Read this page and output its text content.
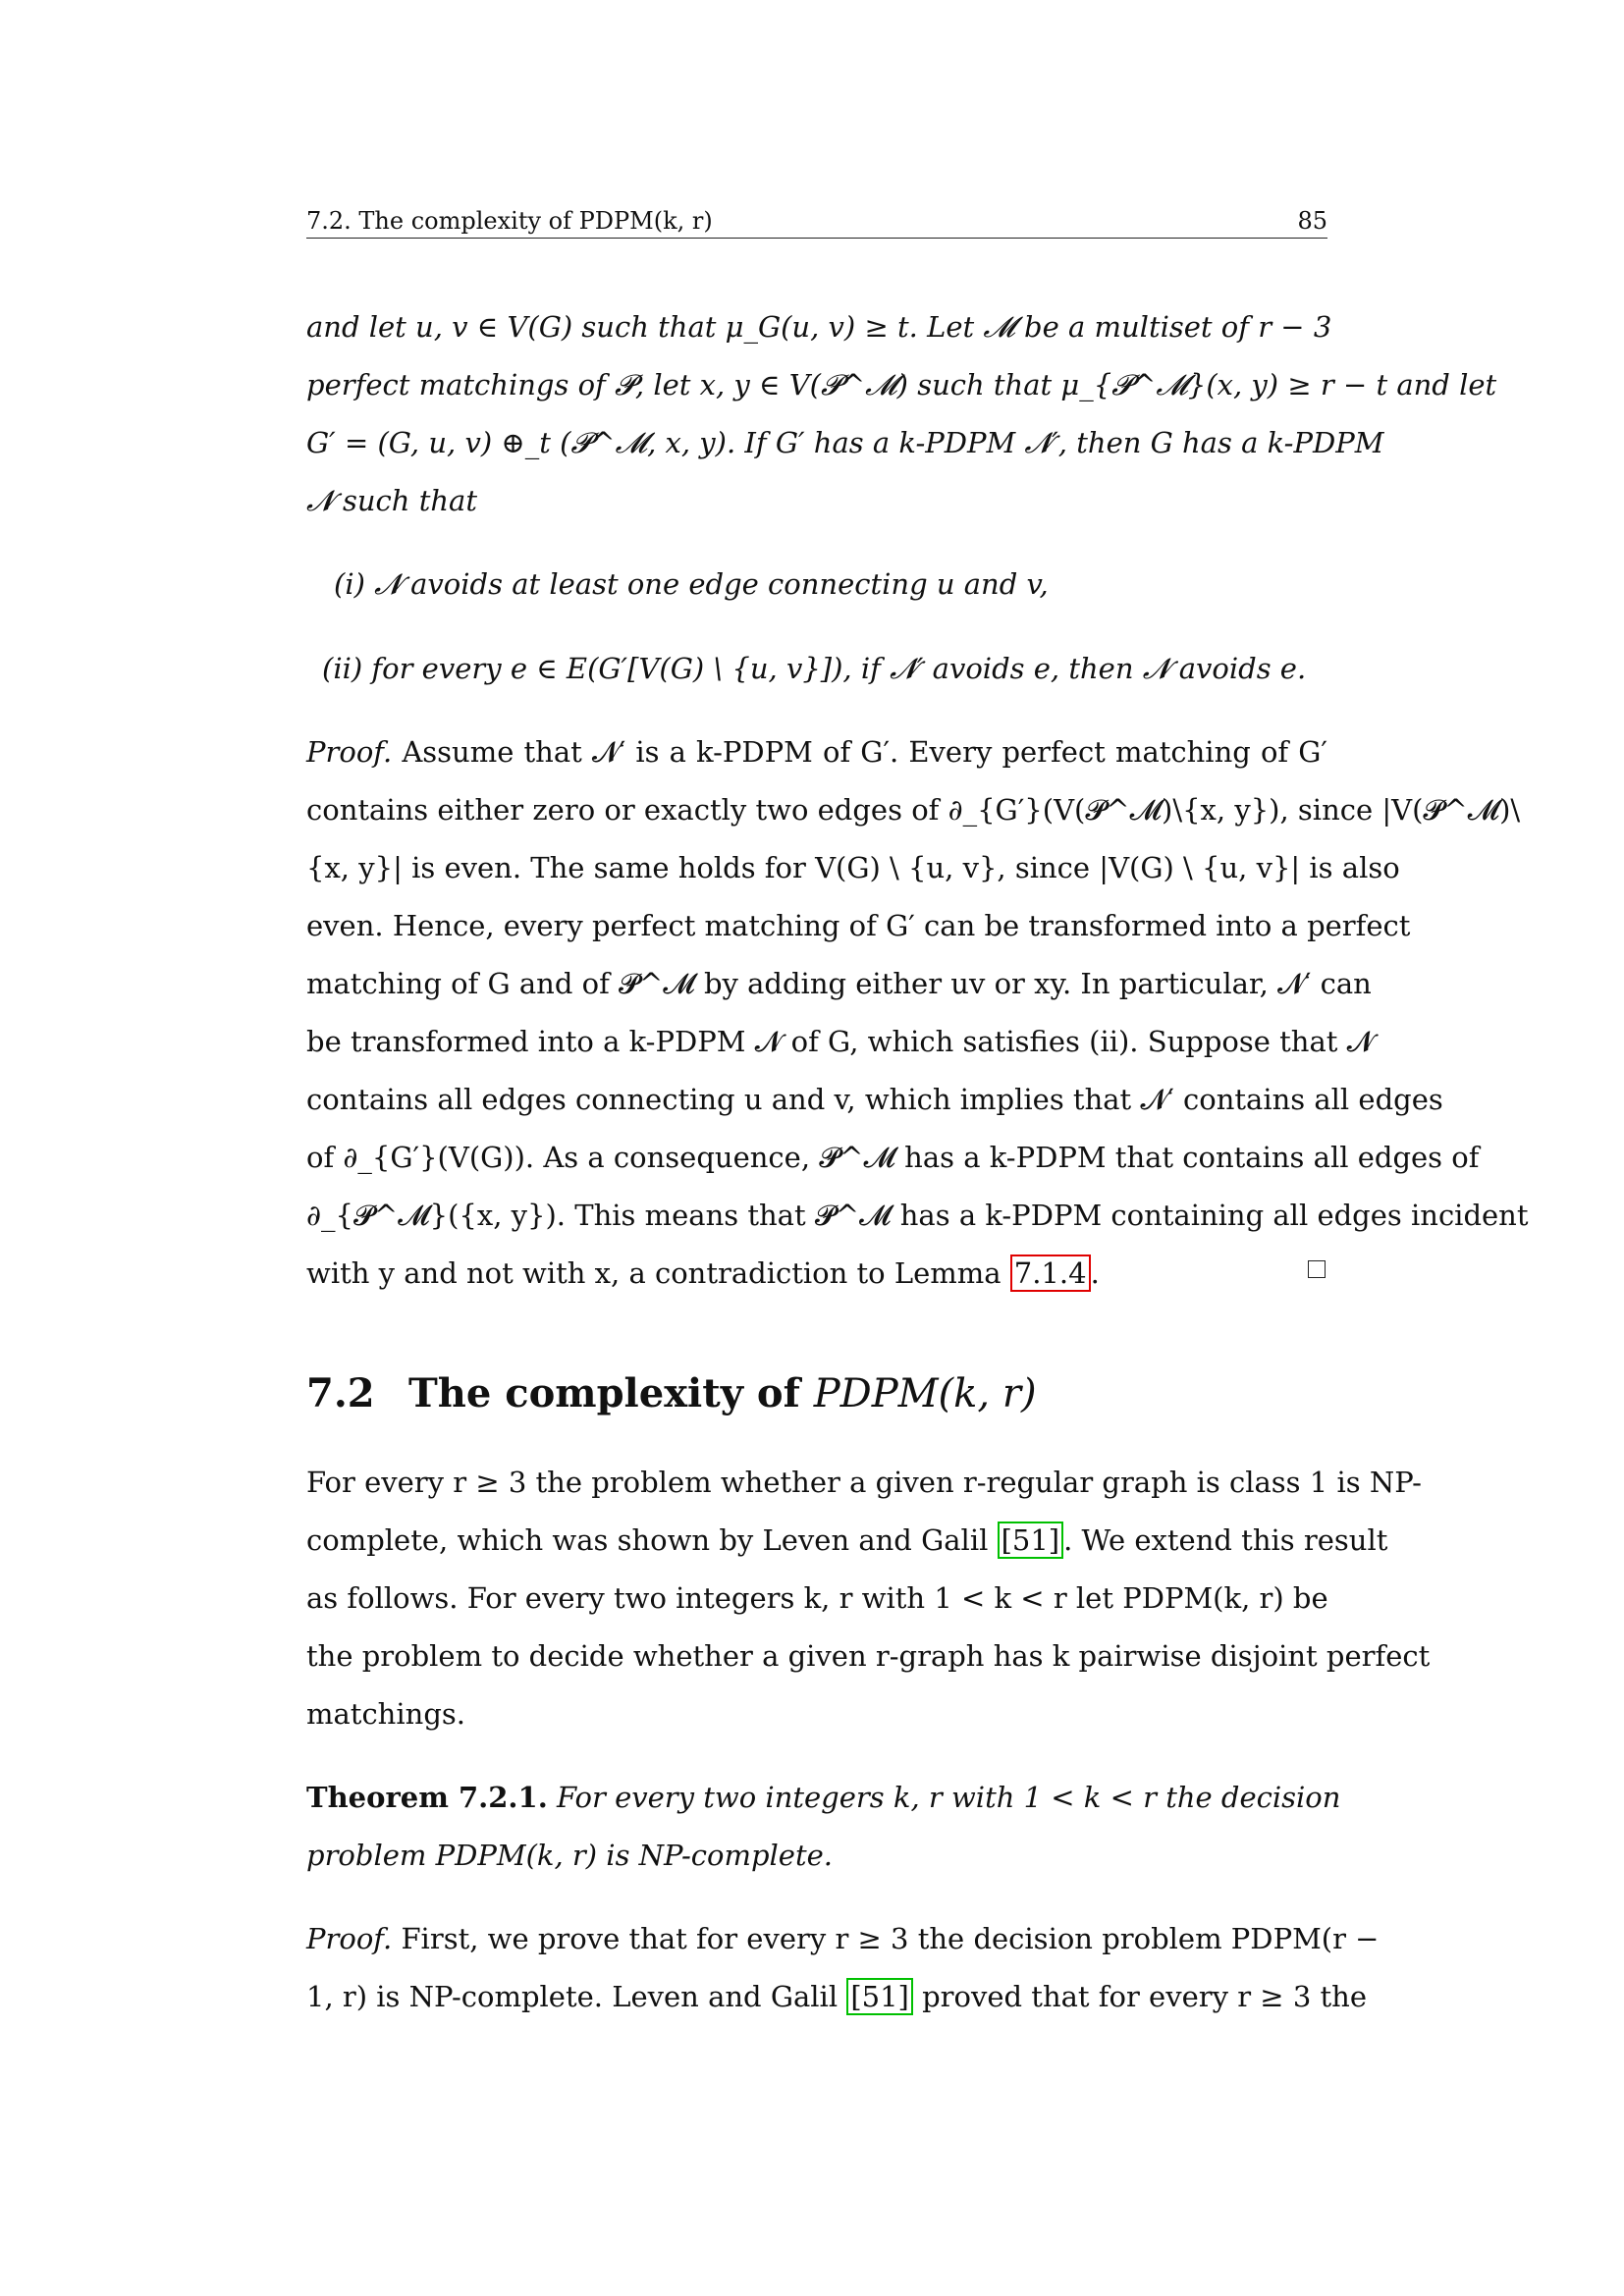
7.2. The complexity of PDPM(k, r)	85
and let u, v ∈ V(G) such that μ_G(u, v) ≥ t. Let 𝓜 be a multiset of r − 3
perfect matchings of 𝓟, let x, y ∈ V(𝓟^𝓜) such that μ_{𝓟^𝓜}(x, y) ≥ r − t and let
G′ = (G, u, v) ⊕_t (𝓟^𝓜, x, y). If G′ has a k-PDPM 𝓝′, then G has a k-PDPM
𝓝 such that
(i) 𝓝 avoids at least one edge connecting u and v,
(ii) for every e ∈ E(G′[V(G) \ {u, v}]), if 𝓝′ avoids e, then 𝓝 avoids e.
Proof. Assume that 𝓝′ is a k-PDPM of G′. Every perfect matching of G′
contains either zero or exactly two edges of ∂_{G′}(V(𝓟^𝓜)\{x, y}), since |V(𝓟^𝓜)\
{x, y}| is even. The same holds for V(G) \ {u, v}, since |V(G) \ {u, v}| is also
even. Hence, every perfect matching of G′ can be transformed into a perfect
matching of G and of 𝓟^𝓜 by adding either uv or xy. In particular, 𝓝′ can
be transformed into a k-PDPM 𝓝 of G, which satisfies (ii). Suppose that 𝓝
contains all edges connecting u and v, which implies that 𝓝′ contains all edges
of ∂_{G′}(V(G)). As a consequence, 𝓟^𝓜 has a k-PDPM that contains all edges of
∂_{𝓟^𝓜}({x, y}). This means that 𝓟^𝓜 has a k-PDPM containing all edges incident
with y and not with x, a contradiction to Lemma 7.1.4 .
7.2 The complexity of PDPM(k, r)
For every r ≥ 3 the problem whether a given r-regular graph is class 1 is NP-
complete, which was shown by Leven and Galil [51] . We extend this result
as follows. For every two integers k, r with 1 < k < r let PDPM(k, r) be
the problem to decide whether a given r-graph has k pairwise disjoint perfect
matchings.
Theorem 7.2.1. For every two integers k, r with 1 < k < r the decision
problem PDPM(k, r) is NP-complete.
Proof. First, we prove that for every r ≥ 3 the decision problem PDPM(r −
1, r) is NP-complete. Leven and Galil [51] proved that for every r ≥ 3 the
